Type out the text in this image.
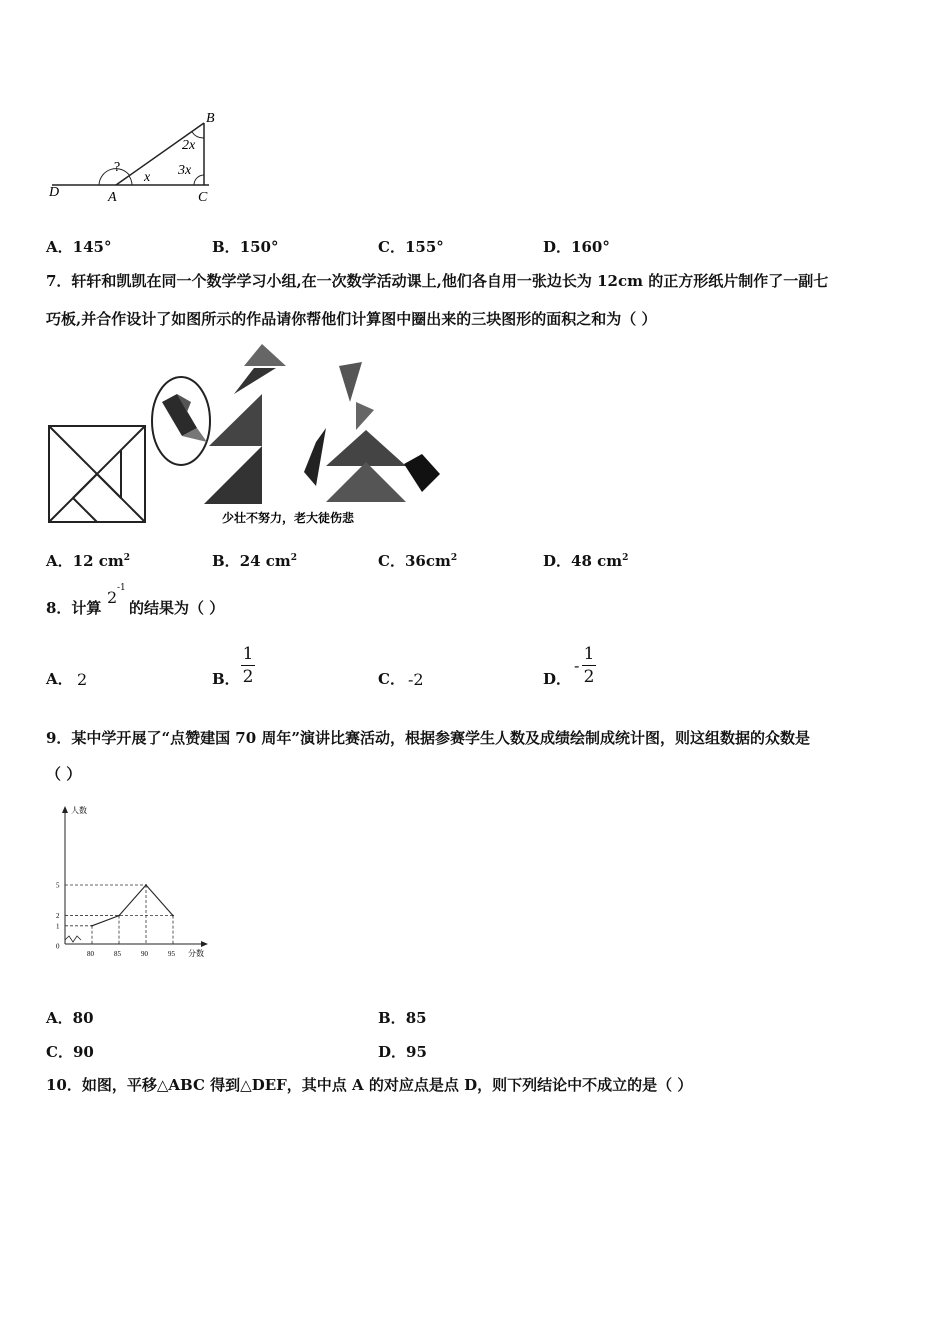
B
C
A
D
2x
3x
x
?
A．145°	B．150°	C．155°	D．160°
7．轩轩和凯凯在同一个数学学习小组,在一次数学活动课上,他们各自用一张边长为 12cm 的正方形纸片制作了一副七
巧板,并合作设计了如图所示的作品请你帮他们计算图中圈出来的三块图形的面积之和为（ ）
少壮不努力，老大徒伤悲
A．12 $cm^2$	B．24 $cm^2$	C．$36cm^2$	D．48 $cm^2$
8．计算
2 -1
的结果为（ ）
A． 2	B．
1
2	C． -2	D．
-
1
2
9．某中学开展了“点赞建国 70 周年”演讲比赛活动，根据参赛学生人数及成绩绘制成统计图，则这组数据的众数是
（ ）
80	85	90	95
0
1
2
5
人数
分数
A．80	B．85
C．90	D．95
10．如图，平移△ABC 得到△DEF，其中点 A 的对应点是点 D，则下列结论中不成立的是（ ）
